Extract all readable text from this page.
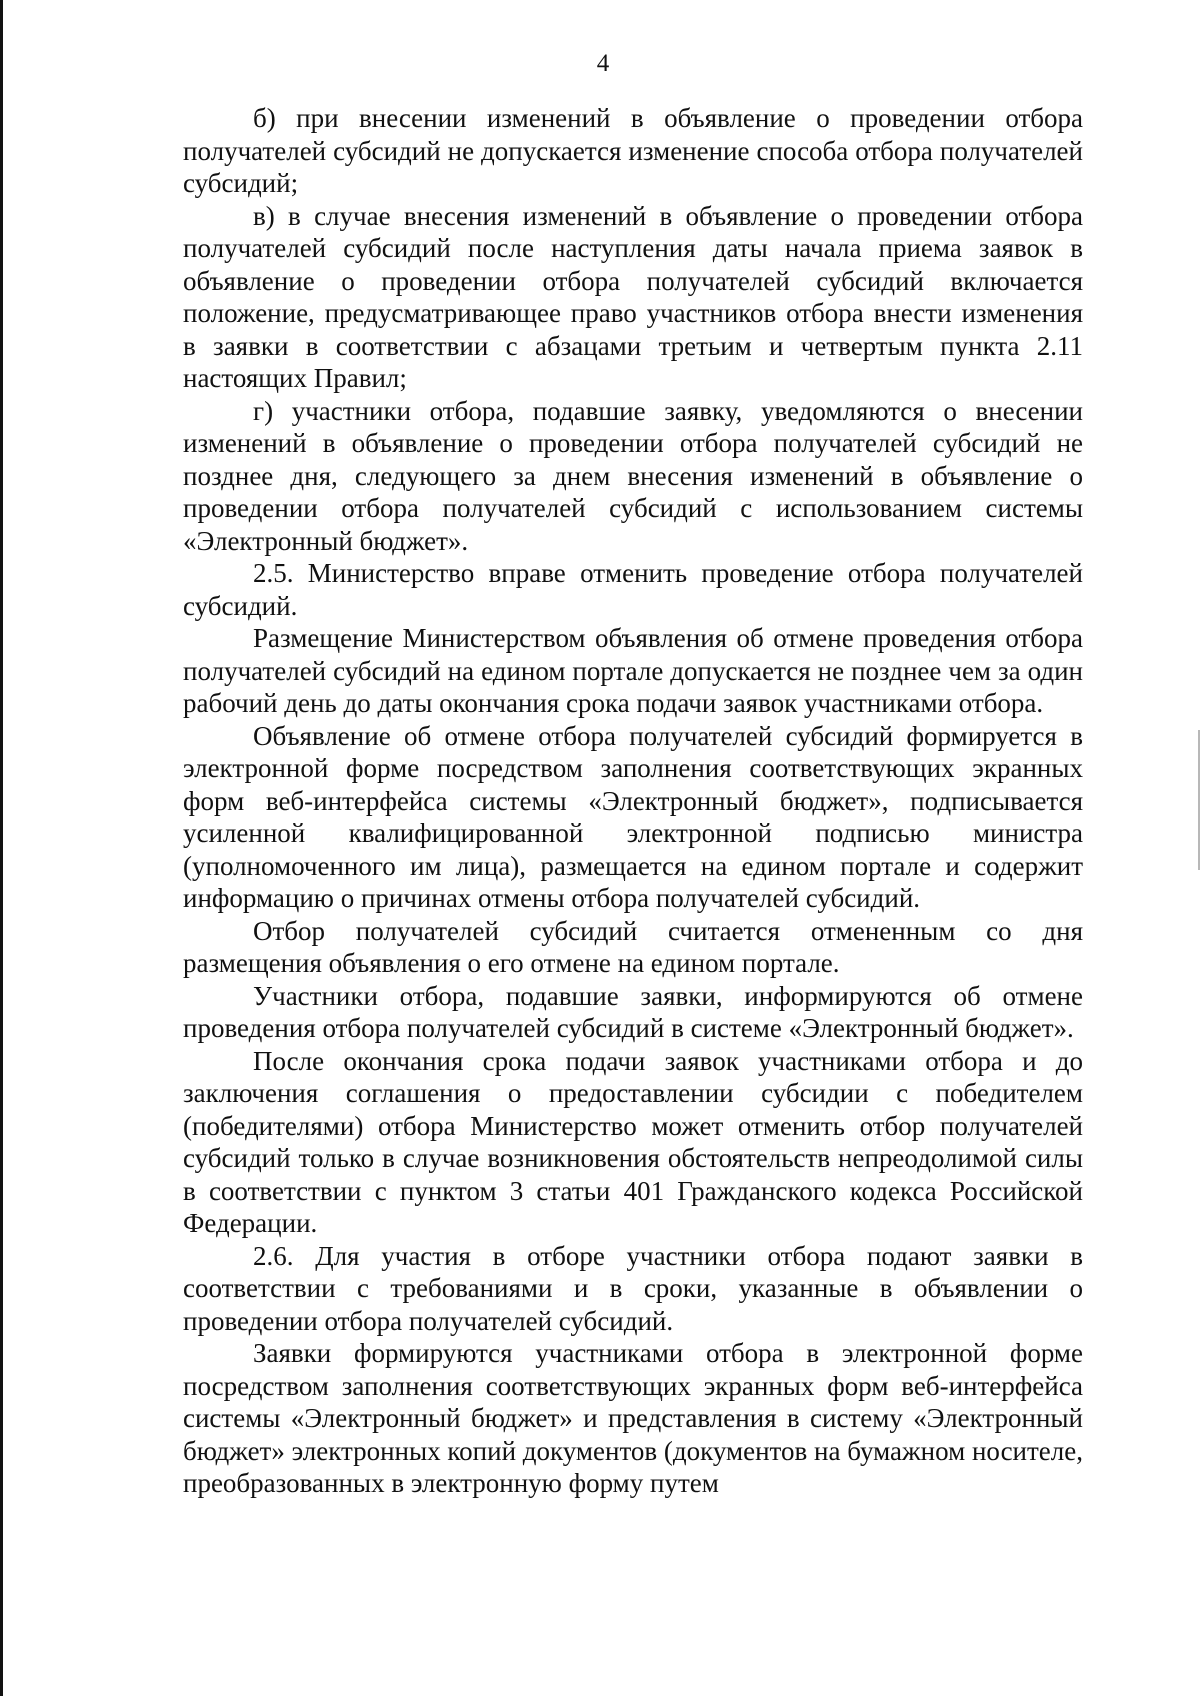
4

б) при внесении изменений в объявление о проведении отбора получателей субсидий не допускается изменение способа отбора получателей субсидий;

в) в случае внесения изменений в объявление о проведении отбора получателей субсидий после наступления даты начала приема заявок в объявление о проведении отбора получателей субсидий включается положение, предусматривающее право участников отбора внести изменения в заявки в соответствии с абзацами третьим и четвертым пункта 2.11 настоящих Правил;

г) участники отбора, подавшие заявку, уведомляются о внесении изменений в объявление о проведении отбора получателей субсидий не позднее дня, следующего за днем внесения изменений в объявление о проведении отбора получателей субсидий с использованием системы «Электронный бюджет».

2.5. Министерство вправе отменить проведение отбора получателей субсидий.

Размещение Министерством объявления об отмене проведения отбора получателей субсидий на едином портале допускается не позднее чем за один рабочий день до даты окончания срока подачи заявок участниками отбора.

Объявление об отмене отбора получателей субсидий формируется в электронной форме посредством заполнения соответствующих экранных форм веб-интерфейса системы «Электронный бюджет», подписывается усиленной квалифицированной электронной подписью министра (уполномоченного им лица), размещается на едином портале и содержит информацию о причинах отмены отбора получателей субсидий.

Отбор получателей субсидий считается отмененным со дня размещения объявления о его отмене на едином портале.

Участники отбора, подавшие заявки, информируются об отмене проведения отбора получателей субсидий в системе «Электронный бюджет».

После окончания срока подачи заявок участниками отбора и до заключения соглашения о предоставлении субсидии с победителем (победителями) отбора Министерство может отменить отбор получателей субсидий только в случае возникновения обстоятельств непреодолимой силы в соответствии с пунктом 3 статьи 401 Гражданского кодекса Российской Федерации.

2.6. Для участия в отборе участники отбора подают заявки в соответствии с требованиями и в сроки, указанные в объявлении о проведении отбора получателей субсидий.

Заявки формируются участниками отбора в электронной форме посредством заполнения соответствующих экранных форм веб-интерфейса системы «Электронный бюджет» и представления в систему «Электронный бюджет» электронных копий документов (документов на бумажном носителе, преобразованных в электронную форму путем
